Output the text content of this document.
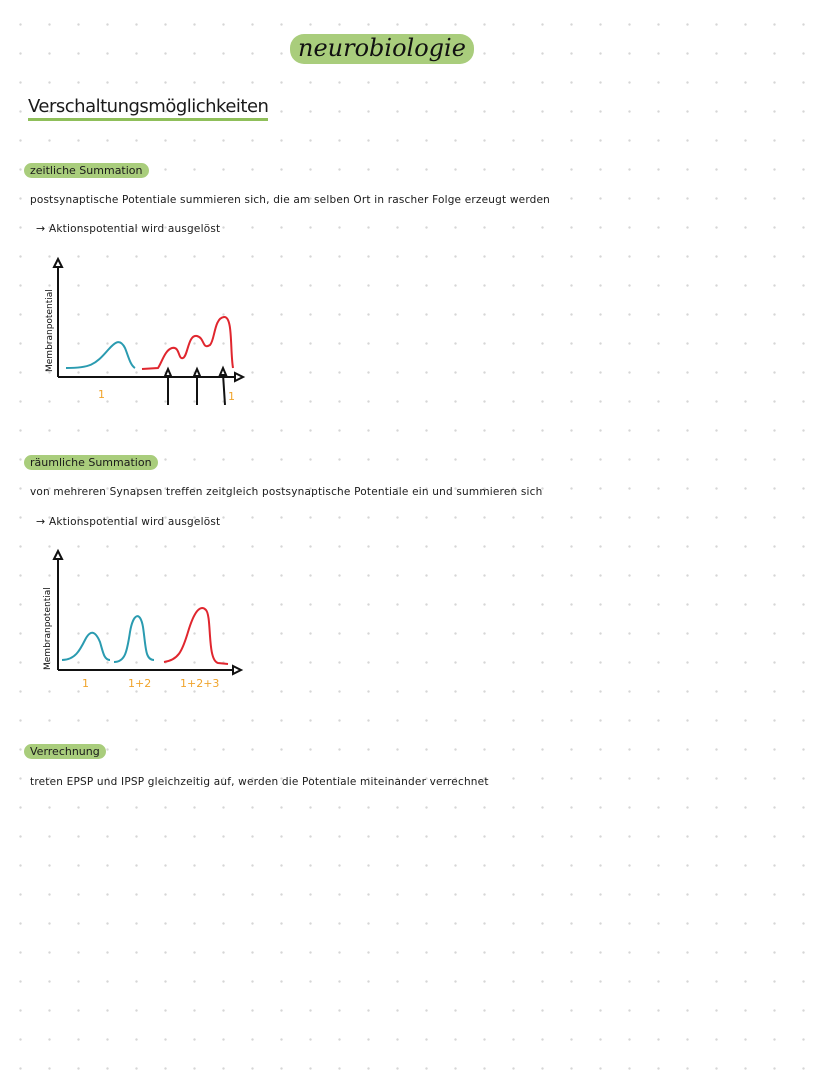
neurobiologie
Verschaltungsmöglichkeiten
zeitliche Summation
postsynaptische Potentiale summieren sich, die am selben Ort in rascher Folge erzeugt werden
→ Aktionspotential wird ausgelöst
Membranpotential
1	1
räumliche Summation
von mehreren Synapsen treffen zeitgleich postsynaptische Potentiale ein und summieren sich
→ Aktionspotential wird ausgelöst
1	1+2	1+2+3
Membranpotential
Verrechnung
treten EPSP und IPSP gleichzeitig auf, werden die Potentiale miteinander verrechnet
